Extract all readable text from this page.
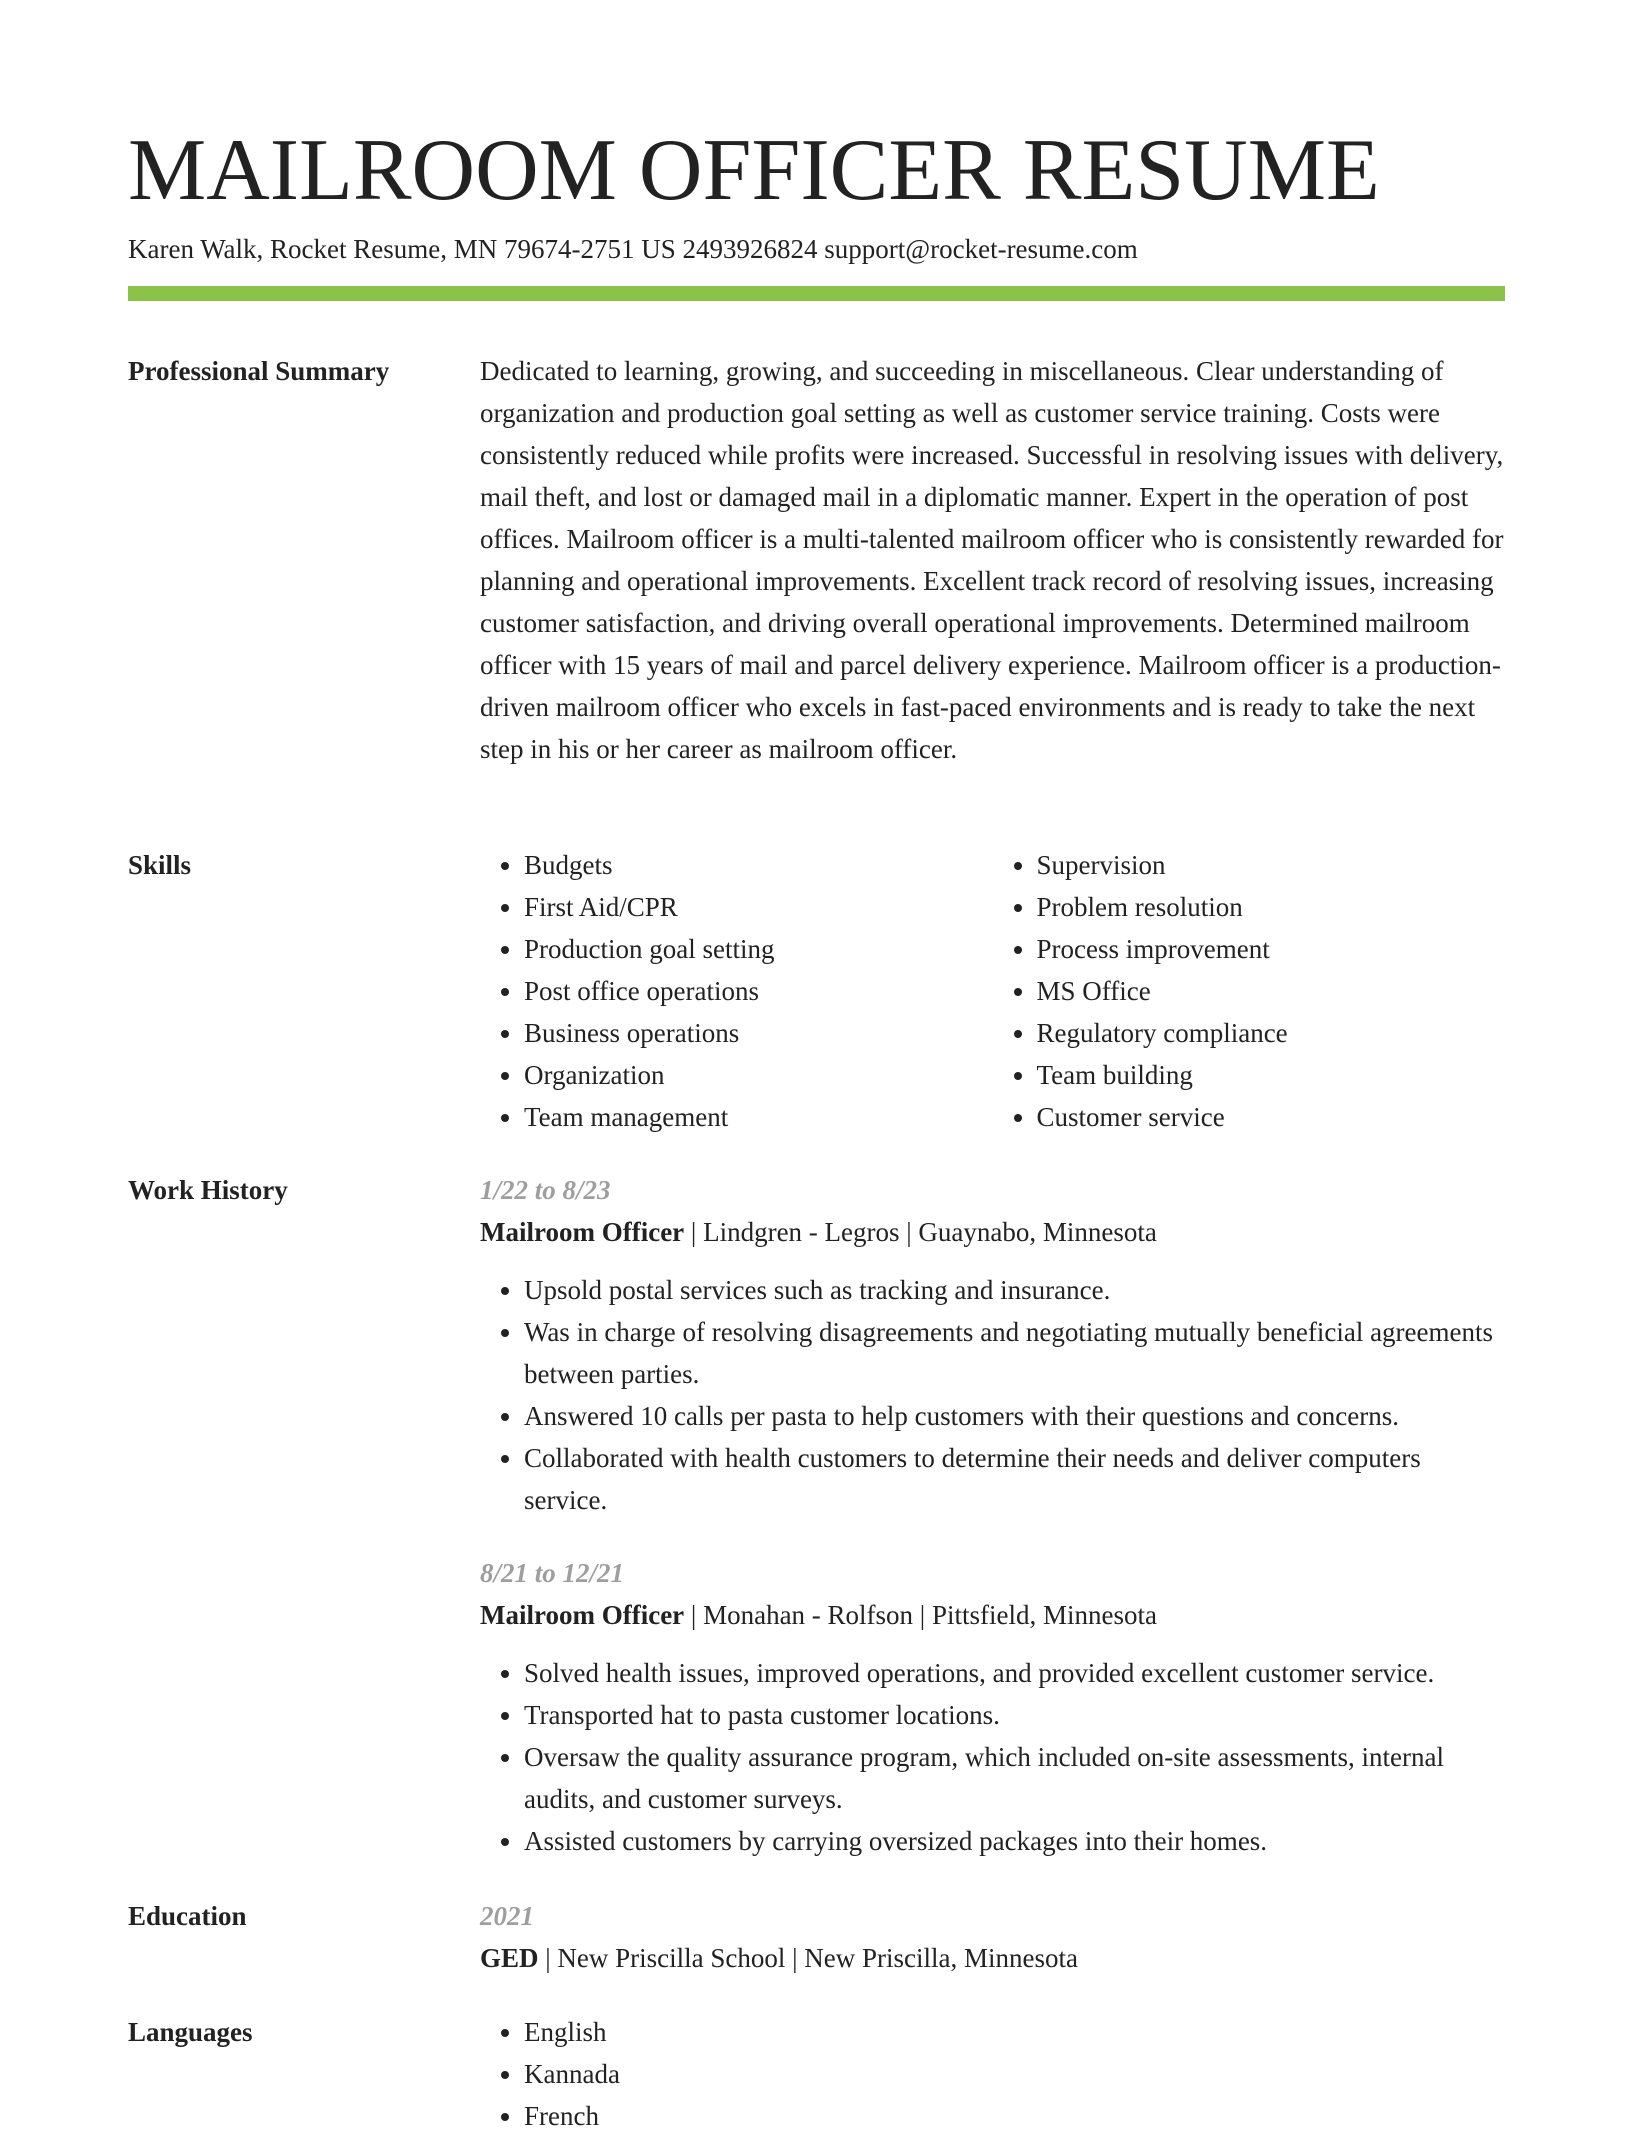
MAILROOM OFFICER RESUME
Karen Walk, Rocket Resume, MN 79674-2751 US 2493926824 support@rocket-resume.com
Professional Summary	Dedicated to learning, growing, and succeeding in miscellaneous. Clear understanding of organization and production goal setting as well as customer service training. Costs were consistently reduced while profits were increased. Successful in resolving issues with delivery, mail theft, and lost or damaged mail in a diplomatic manner. Expert in the operation of post offices. Mailroom officer is a multi-talented mailroom officer who is consistently rewarded for planning and operational improvements. Excellent track record of resolving issues, increasing customer satisfaction, and driving overall operational improvements. Determined mailroom officer with 15 years of mail and parcel delivery experience. Mailroom officer is a production-driven mailroom officer who excels in fast-paced environments and is ready to take the next step in his or her career as mailroom officer.

Skills	• Budgets
• First Aid/CPR
• Production goal setting
• Post office operations
• Business operations
• Organization
• Team management
• Supervision
• Problem resolution
• Process improvement
• MS Office
• Regulatory compliance
• Team building
• Customer service
Work History	1/22 to 8/23
Mailroom Officer | Lindgren - Legros | Guaynabo, Minnesota
• Upsold postal services such as tracking and insurance.
• Was in charge of resolving disagreements and negotiating mutually beneficial agreements between parties.
• Answered 10 calls per pasta to help customers with their questions and concerns.
• Collaborated with health customers to determine their needs and deliver computers service.
8/21 to 12/21
Mailroom Officer | Monahan - Rolfson | Pittsfield, Minnesota
• Solved health issues, improved operations, and provided excellent customer service.
• Transported hat to pasta customer locations.
• Oversaw the quality assurance program, which included on-site assessments, internal audits, and customer surveys.
• Assisted customers by carrying oversized packages into their homes.
Education	2021
GED | New Priscilla School | New Priscilla, Minnesota
Languages	• English
• Kannada
• French
